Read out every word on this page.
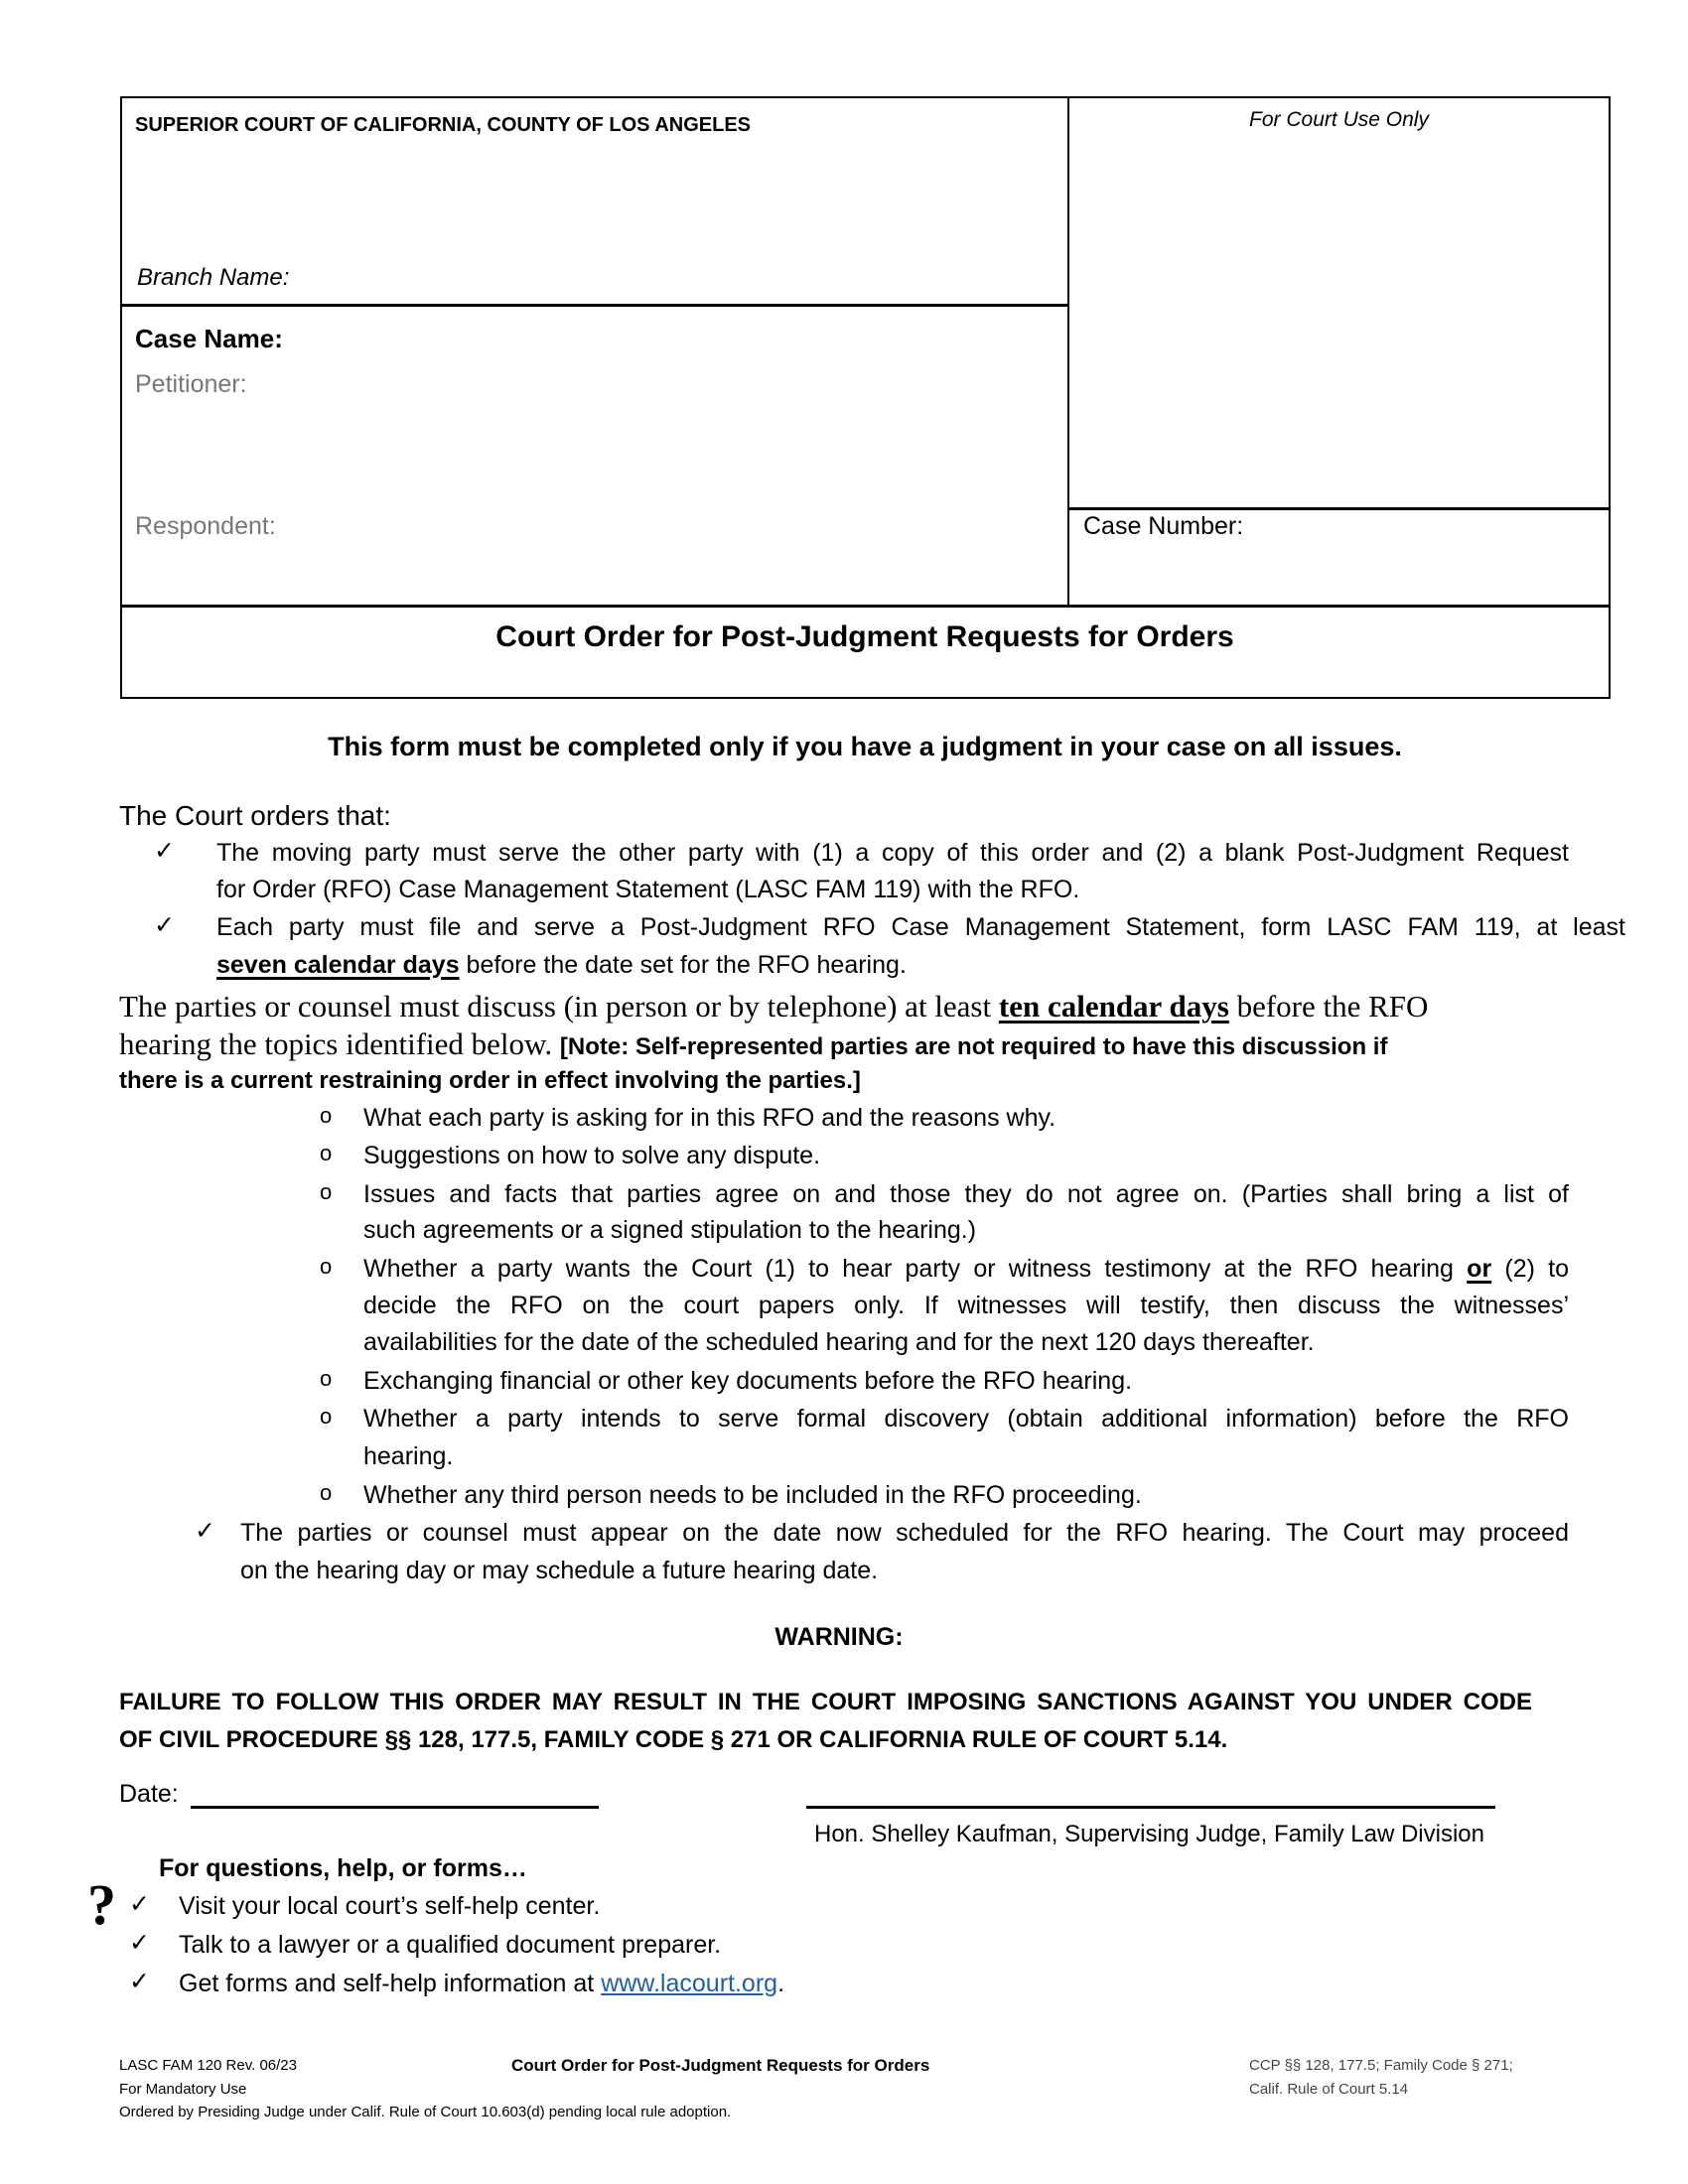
SUPERIOR COURT OF CALIFORNIA, COUNTY OF LOS ANGELES	For Court Use Only
Branch Name:
Case Name:
Petitioner:
Respondent:	Case Number:
Court Order for Post-Judgment Requests for Orders
This form must be completed only if you have a judgment in your case on all issues.
The Court orders that:
✓ The moving party must serve the other party with (1) a copy of this order and (2) a blank Post-Judgment Request
for Order (RFO) Case Management Statement (LASC FAM 119) with the RFO.
✓ Each party must file and serve a Post-Judgment RFO Case Management Statement, form LASC FAM 119, at least
seven calendar days before the date set for the RFO hearing.
The parties or counsel must discuss (in person or by telephone) at least ten calendar days before the RFO
hearing the topics identified below. [Note: Self-represented parties are not required to have this discussion if
there is a current restraining order in effect involving the parties.]
o What each party is asking for in this RFO and the reasons why.
o Suggestions on how to solve any dispute.
o Issues and facts that parties agree on and those they do not agree on. (Parties shall bring a list of
such agreements or a signed stipulation to the hearing.)
o Whether a party wants the Court (1) to hear party or witness testimony at the RFO hearing or (2) to
decide the RFO on the court papers only. If witnesses will testify, then discuss the witnesses’
availabilities for the date of the scheduled hearing and for the next 120 days thereafter.
o Exchanging financial or other key documents before the RFO hearing.
o Whether a party intends to serve formal discovery (obtain additional information) before the RFO
hearing.
o Whether any third person needs to be included in the RFO proceeding.
✓ The parties or counsel must appear on the date now scheduled for the RFO hearing. The Court may proceed
on the hearing day or may schedule a future hearing date.
WARNING:
FAILURE TO FOLLOW THIS ORDER MAY RESULT IN THE COURT IMPOSING SANCTIONS AGAINST YOU UNDER CODE
OF CIVIL PROCEDURE §§ 128, 177.5, FAMILY CODE § 271 OR CALIFORNIA RULE OF COURT 5.14.
Date:
Hon. Shelley Kaufman, Supervising Judge, Family Law Division
For questions, help, or forms…
? ✓ Visit your local court’s self-help center.
✓ Talk to a lawyer or a qualified document preparer.
✓ Get forms and self-help information at www.lacourt.org.
LASC FAM 120 Rev. 06/23
For Mandatory Use
Ordered by Presiding Judge under Calif. Rule of Court 10.603(d) pending local rule adoption.
Court Order for Post-Judgment Requests for Orders	CCP §§ 128, 177.5; Family Code § 271;
Calif. Rule of Court 5.14
